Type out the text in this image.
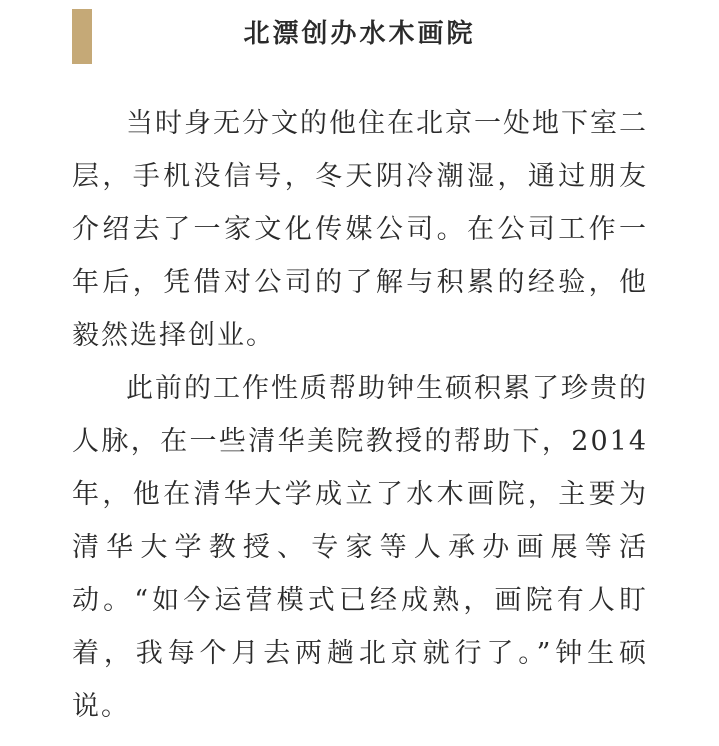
北漂创办水木画院

当时身无分文的他住在北京一处地下室二层，手机没信号，冬天阴冷潮湿，通过朋友介绍去了一家文化传媒公司。在公司工作一年后，凭借对公司的了解与积累的经验，他毅然选择创业。

此前的工作性质帮助钟生硕积累了珍贵的人脉，在一些清华美院教授的帮助下，2014年，他在清华大学成立了水木画院，主要为清华大学教授、专家等人承办画展等活动。“如今运营模式已经成熟，画院有人盯着，我每个月去两趟北京就行了。”钟生硕说。
